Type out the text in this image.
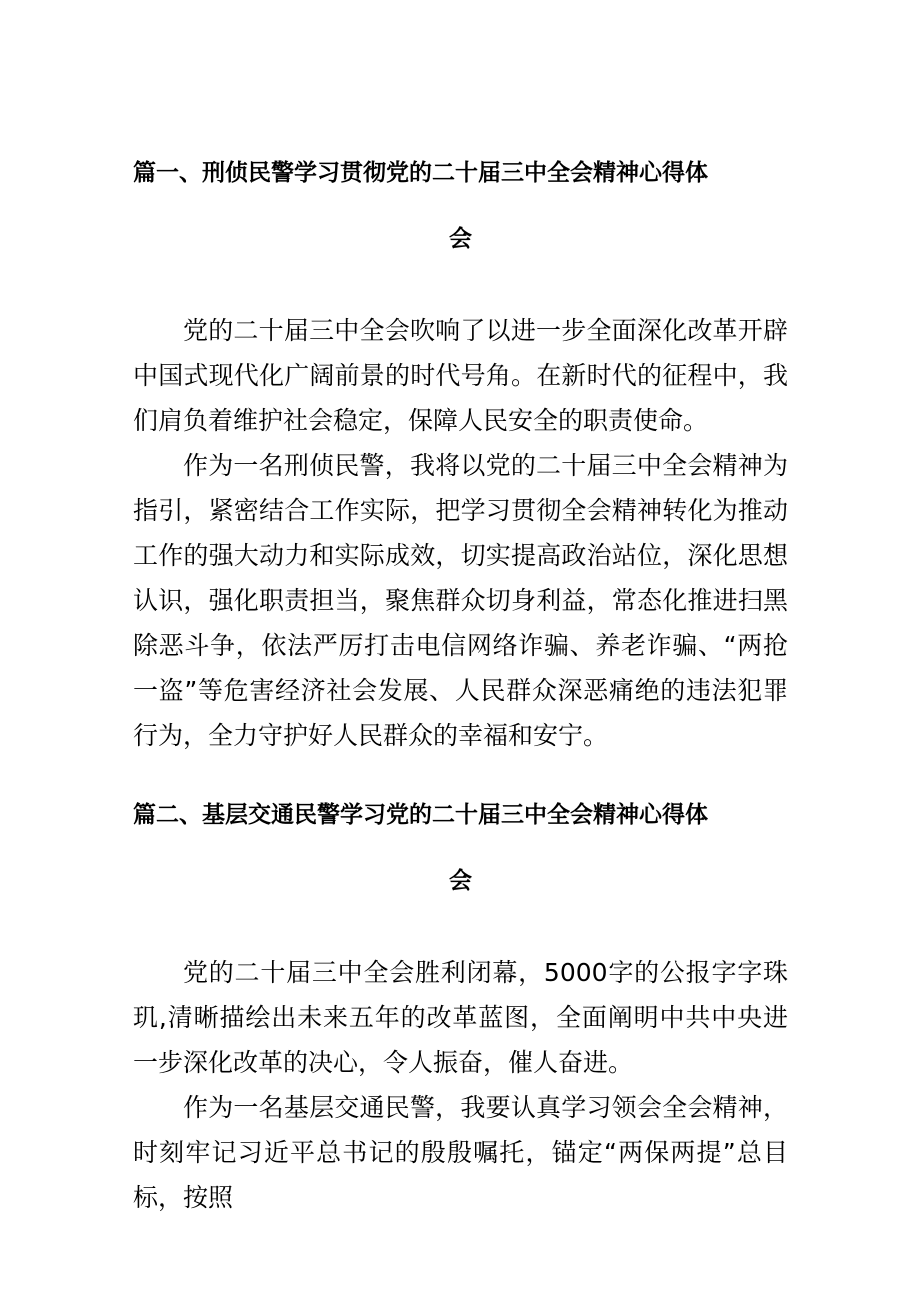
篇一、刑侦民警学习贯彻党的二十届三中全会精神心得体
会

党的二十届三中全会吹响了以进一步全面深化改革开辟中国式现代化广阔前景的时代号角。在新时代的征程中，我们肩负着维护社会稳定，保障人民安全的职责使命。

作为一名刑侦民警，我将以党的二十届三中全会精神为指引，紧密结合工作实际，把学习贯彻全会精神转化为推动工作的强大动力和实际成效，切实提高政治站位，深化思想认识，强化职责担当，聚焦群众切身利益，常态化推进扫黑除恶斗争，依法严厉打击电信网络诈骗、养老诈骗、“两抢一盗”等危害经济社会发展、人民群众深恶痛绝的违法犯罪行为，全力守护好人民群众的幸福和安宁。

篇二、基层交通民警学习党的二十届三中全会精神心得体
会

党的二十届三中全会胜利闭幕，5000字的公报字字珠玑,清晰描绘出未来五年的改革蓝图，全面阐明中共中央进一步深化改革的决心，令人振奋，催人奋进。

作为一名基层交通民警，我要认真学习领会全会精神，时刻牢记习近平总书记的殷殷嘱托，锚定“两保两提”总目标，按照
